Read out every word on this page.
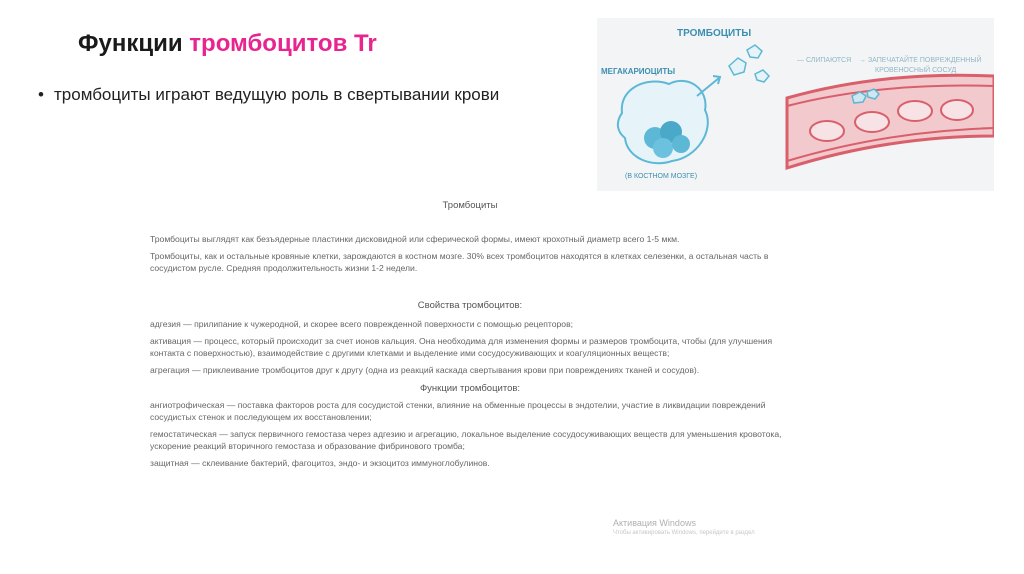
Функции тромбоцитов Tr
• тромбоциты играют ведущую роль в свертывании крови
ТРОМБОЦИТЫ
МЕГАКАРИОЦИТЫ
(В КОСТНОМ МОЗГЕ)
— СЛИПАЮТСЯ → ЗАПЕЧАТАЙТЕ ПОВРЕЖДЕННЫЙ
КРОВЕНОСНЫЙ СОСУД

Тромбоциты

Тромбоциты выглядят как безъядерные пластинки дисковидной или сферической формы, имеют крохотный диаметр всего 1-5 мкм.

Тромбоциты, как и остальные кровяные клетки, зарождаются в костном мозге. 30% всех тромбоцитов находятся в клетках селезенки, а остальная часть в сосудистом русле. Средняя продолжительность жизни 1-2 недели.

Свойства тромбоцитов:

адгезия — прилипание к чужеродной, и скорее всего поврежденной поверхности с помощью рецепторов;

активация — процесс, который происходит за счет ионов кальция. Она необходима для изменения формы и размеров тромбоцита, чтобы (для улучшения контакта с поверхностью), взаимодействие с другими клетками и выделение ими сосудосуживающих и коагуляционных веществ;

агрегация — приклеивание тромбоцитов друг к другу (одна из реакций каскада свертывания крови при повреждениях тканей и сосудов).

Функции тромбоцитов:

ангиотрофическая — поставка факторов роста для сосудистой стенки, влияние на обменные процессы в эндотелии, участие в ликвидации повреждений сосудистых стенок и последующем их восстановлении;

гемостатическая — запуск первичного гемостаза через адгезию и агрегацию, локальное выделение сосудосуживающих веществ для уменьшения кровотока, ускорение реакций вторичного гемостаза и образование фибринового тромба;

защитная — склеивание бактерий, фагоцитоз, эндо- и экзоцитоз иммуноглобулинов.

Активация Windows
Чтобы активировать Windows, перейдите в раздел
